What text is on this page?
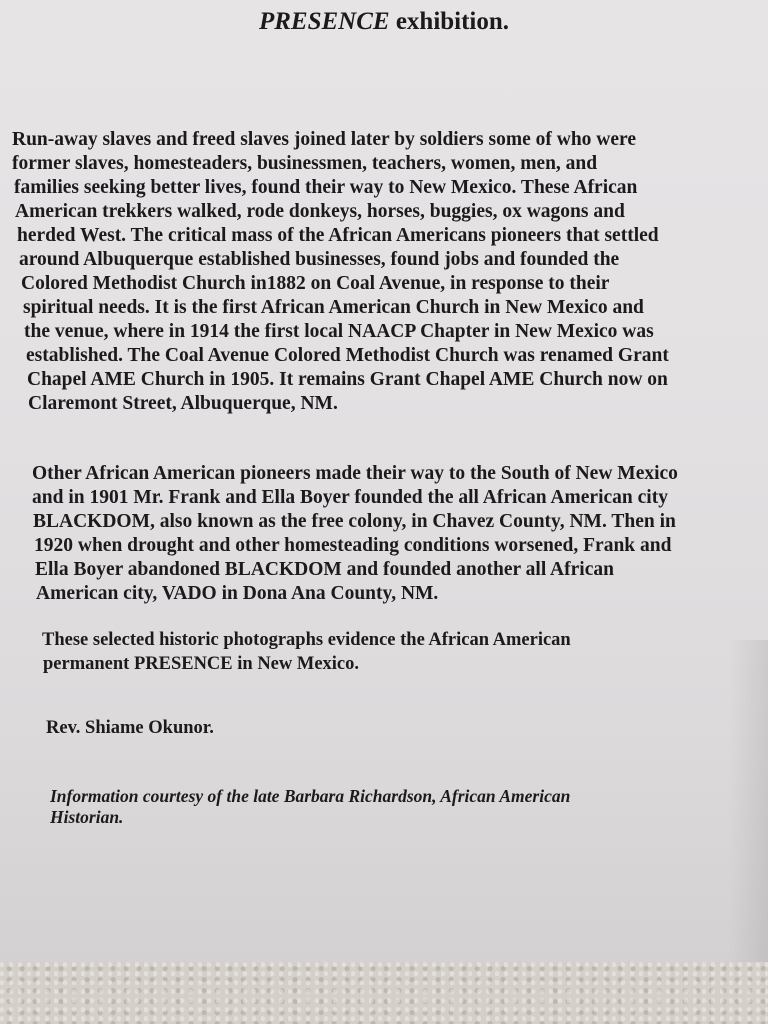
PRESENCE exhibition.
Run-away slaves and freed slaves joined later by soldiers some of who were
former slaves, homesteaders, businessmen, teachers, women, men, and
families seeking better lives, found their way to New Mexico. These African
American trekkers walked, rode donkeys, horses, buggies, ox wagons and
herded West. The critical mass of the African Americans pioneers that settled
around Albuquerque established businesses, found jobs and founded the
Colored Methodist Church in1882 on Coal Avenue, in response to their
spiritual needs. It is the first African American Church in New Mexico and
the venue, where in 1914 the first local NAACP Chapter in New Mexico was
established. The Coal Avenue Colored Methodist Church was renamed Grant
Chapel AME Church in 1905. It remains Grant Chapel AME Church now on
Claremont Street, Albuquerque, NM.
Other African American pioneers made their way to the South of New Mexico
and in 1901 Mr. Frank and Ella Boyer founded the all African American city
BLACKDOM, also known as the free colony, in Chavez County, NM. Then in
1920 when drought and other homesteading conditions worsened, Frank and
Ella Boyer abandoned BLACKDOM and founded another all African
American city, VADO in Dona Ana County, NM.
These selected historic photographs evidence the African American
permanent PRESENCE in New Mexico.
Rev. Shiame Okunor.
Information courtesy of the late Barbara Richardson, African American
Historian.
